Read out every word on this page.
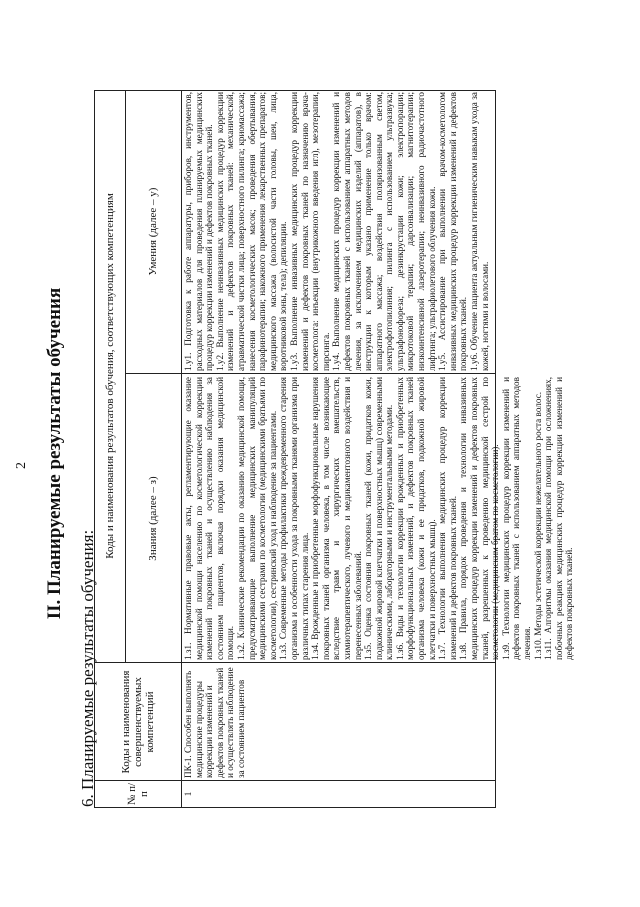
2 II. Планируемые результаты обучения
6. Планируемые результаты обучения:	№ п/п
Коды и наименования совершенствуемых компетенций
Коды и наименования результатов обучения, соответствующих компетенциям	Знания (далее – з)
Умения (далее – у)
1
ПК-1. Способен выполнять медицинские процедуры коррекции изменений и дефектов покровных тканей и осуществлять наблюдение за состоянием пациентов

1.з1. Нормативные правовые акты, регламентирующие оказание медицинской помощи населению по косметологической коррекции изменений покровных тканей и осуществлению наблюдения за состоянием пациентов, включая порядки оказания медицинской помощи. 1.з2. Клинические рекомендации по оказанию медицинской помощи, предусматривающие выполнение медицинских манипуляций медицинскими сестрами по косметологии (медицинскими братьями по косметологии), сестринский уход и наблюдение за пациентами. 1.з3. Современные методы профилактики преждевременного старения организма и особенности ухода за покровными тканями организма при различных типах старения лица. 1.з4. Врожденные и приобретенные морфофункциональные нарушения покровных тканей организма человека, в том числе возникающие вследствие травм и хирургических вмешательств, химиотерапевтического, лучевого и медикаментозного воздействия и перенесенных заболеваний. 1.з5. Оценка состояния покровных тканей (кожи, придатков кожи, подкожной жировой клетчатки и поверхностных мышц) современными клиническими, лабораторными и инструментальными методами. 1.з6. Виды и технологии коррекции врожденных и приобретенных морфофункциональных изменений, и дефектов покровных тканей организма человека (кожи и ее придатков, подкожной жировой клетчатки и поверхностных мышц). 1.з7. Технологии выполнения медицинских процедур коррекции изменений и дефектов покровных тканей. 1.з8. Правила, порядок проведения и технологии инвазивных медицинских процедур коррекции изменений и дефектов покровных тканей, разрешенных к проведению медицинской сестрой по косметологии (медицинским братом по косметологии). 1.з9. Технологии медицинских процедур коррекции изменений и дефектов покровных тканей с использованием аппаратных методов лечения. 1.з10. Методы эстетической коррекции нежелательного роста волос. 1.з11. Алгоритмы оказания медицинской помощи при осложнениях, побочных реакциях медицинских процедур коррекции изменений и дефектов покровных тканей.

1.у1. Подготовка к работе аппаратуры, приборов, инструментов, расходных материалов для проведения планируемых медицинских процедур коррекции изменений и дефектов покровных тканей. 1.у2. Выполнение неинвазивных медицинских процедур коррекции изменений и дефектов покровных тканей: механической, атравматической чистки лица; поверхностного пилинга; криомассажа; нанесения косметологических масок; проведения обертывания, парафинотерапии; накожного применения лекарственных препаратов; медицинского массажа (волосистой части головы, шеи, лица, воротниковой зоны, тела); депиляции. 1.у3. Выполнение инвазивных медицинских процедур коррекции изменений и дефектов покровных тканей по назначению врача-косметолога: инъекции (внутрикожного введения игл), мезотерапии, пирсинга. 1.у4. Выполнение медицинских процедур коррекции изменений и дефектов покровных тканей с использованием аппаратных методов лечения, за исключением медицинских изделий (аппаратов), в инструкции к которым указано применение только врачом: аппаратного массажа; воздействия поляризованным светом, электрофотопилиния; пилинга с использованием ультразвука; ультрафонофореза; дезинкрустации кожи; электропорации; микротоковой терапии; дарсонвализации; магнитотерапии; низкоинтенсивной лазеротерапии; неинвазивного радиочастотного лифтинга; ультрафиолетового облучения кожи. 1.у5. Ассистирование при выполнении врачом-косметологом инвазивных медицинских процедур коррекции изменений и дефектов покровных тканей. 1.у6. Обучение пациента актуальным гигиеническим навыкам ухода за кожей, ногтями и волосами.
